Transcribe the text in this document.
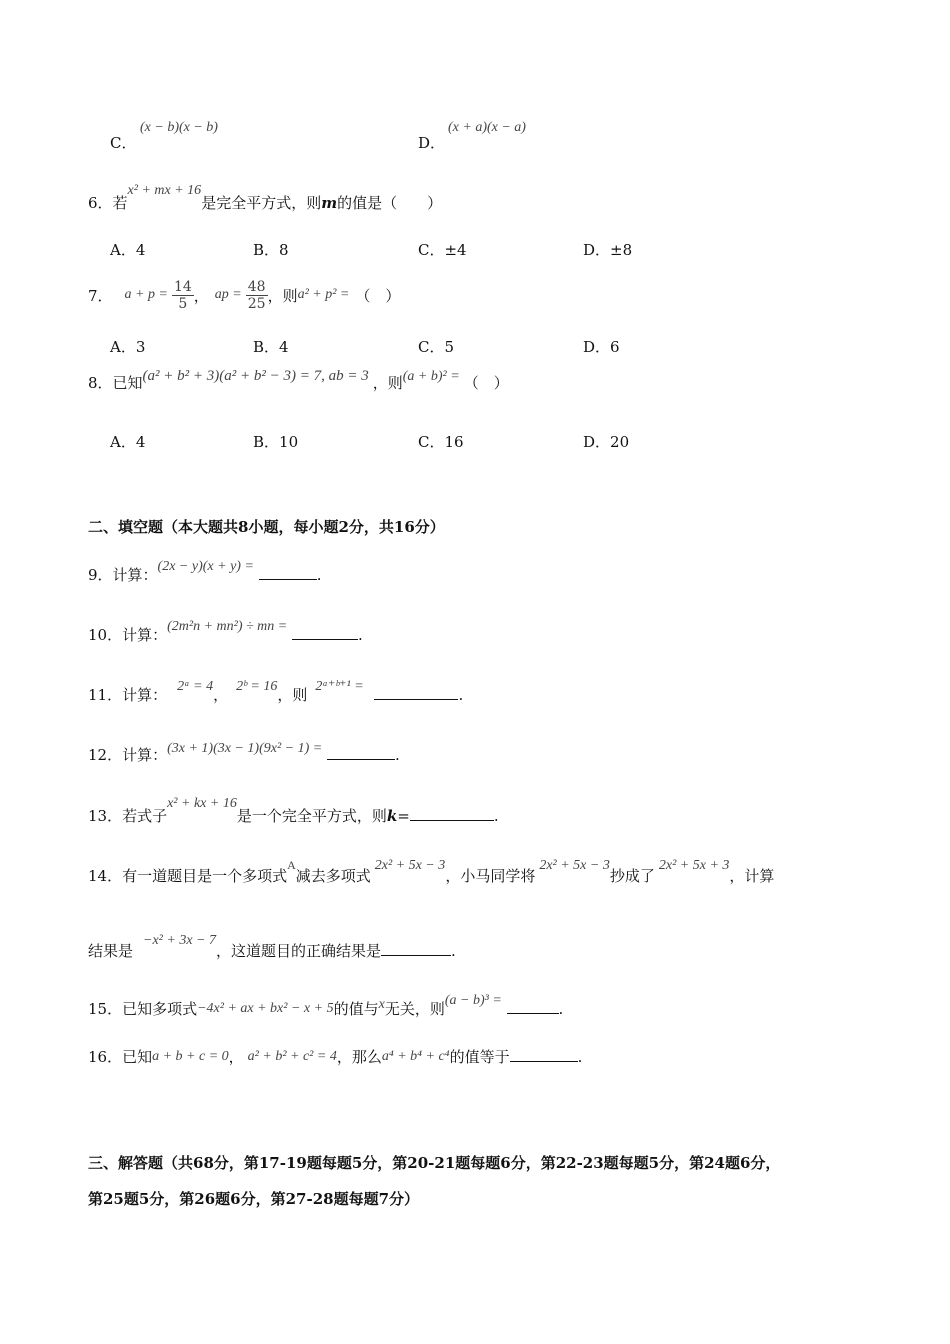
C．
(x − b)(x − b)
D．
(x + a)(x − a)
6．若x² + mx + 16是完全平方式，则m的值是（　　）
A．4	B．8	C．±4	D．±8
7． $a + p = \frac{14}{5}$ ， ap = $\frac{48}{25}$ ，则 a² + p² = （　）
A．3	B．4	C．5	D．6
8．已知 (a² + b² + 3)(a² + b² − 3) = 7, ab = 3 ，则 (a + b)² = （　）
A．4	B．10	C．16	D．20
二、填空题（本大题共8小题，每小题2分，共16分）
9．计算：(2x − y)(x + y) =	.
10．计算：(2m²n + mn²) ÷ mn =	.
11．计算： 2ᵃ = 4， 2ᵇ = 16，则 2ᵃ⁺ᵇ⁺¹ =	.
12．计算：(3x + 1)(3x − 1)(9x² − 1) =	.
13．若式子x² + kx + 16是一个完全平方式，则k=	.
14．有一道题目是一个多项式$^A$减去多项式2x² + 5x − 3，小马同学将2x² + 5x − 3抄成了2x² + 5x + 3，计算
结果是−x² + 3x − 7，这道题目的正确结果是	.
15．已知多项式−4x² + ax + bx² − x + 5的值与x无关，则(a − b)³ =	.
16．已知a + b + c = 0， a² + b² + c² = 4，那么a⁴ + b⁴ + c⁴的值等于	.
三、解答题（共68分，第17-19题每题5分，第20-21题每题6分，第22-23题每题5分，第24题6分，
第25题5分，第26题6分，第27-28题每题7分）
